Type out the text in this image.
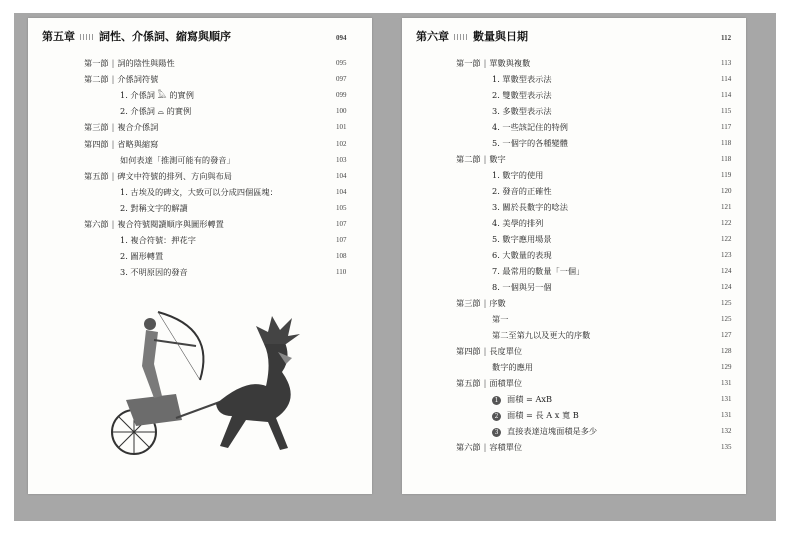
第五章 詞性、介係詞、縮寫與順序	094
第一節 | 詞的陰性與陽性	095
第二節 | 介係詞符號	097
1. 介係詞 𓅓 的實例	099
2. 介係詞 ⌓ 的實例	100
第三節 | 複合介係詞	101
第四節 | 省略與縮寫	102
如何表達「推測可能有的發音」	103
第五節 | 碑文中符號的排列、方向與布局	104
1. 古埃及的碑文，大致可以分成四個區塊：	104
2. 對稱文字的解讀	105
第六節 | 複合符號閱讀順序與圖形轉置	107
1. 複合符號：押花字	107
2. 圖形轉置	108
3. 不明原因的發音	110
第六章 數量與日期	112
第一節 | 單數與複數	113
1. 單數型表示法	114
2. 雙數型表示法	114
3. 多數型表示法	115
4. 一些該記住的特例	117
5. 一個字的各種變體	118
第二節 | 數字	118
1. 數字的使用	119
2. 發音的正確性	120
3. 關於長數字的唸法	121
4. 美學的排列	122
5. 數字應用場景	122
6. 大數量的表現	123
7. 最常用的數量「一個」	124
8. 一個與另一個	124
第三節 | 序數	125
第一	125
第二至第九以及更大的序數	127
第四節 | 長度單位	128
數字的應用	129
第五節 | 面積單位	131
1 面積 = AxB	131
2 面積 = 長 A x 寬 B	131
3 直接表達這塊面積是多少	132
第六節 | 容積單位	135
